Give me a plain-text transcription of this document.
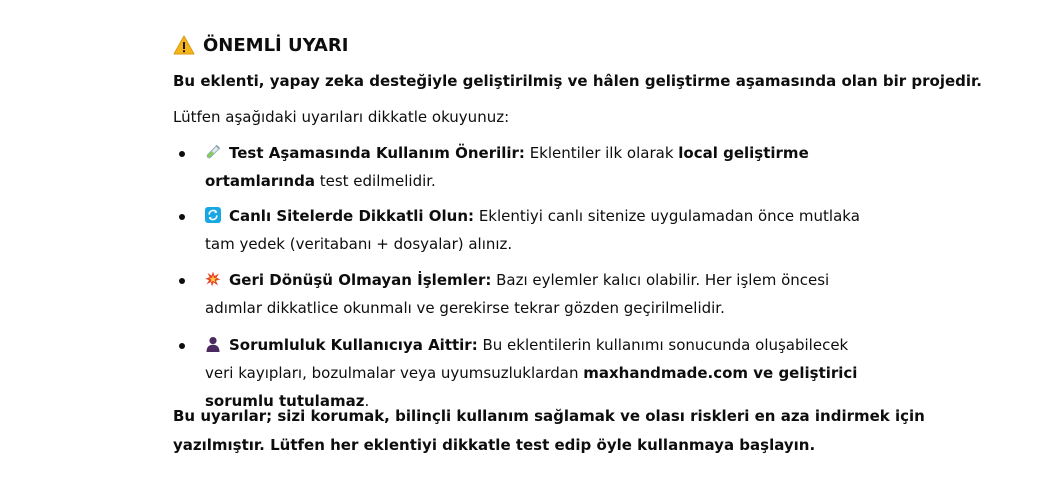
ÖNEMLİ UYARI
Bu eklenti, yapay zeka desteğiyle geliştirilmiş ve hâlen geliştirme aşamasında olan bir projedir.
Lütfen aşağıdaki uyarıları dikkatle okuyunuz:
Test Aşamasında Kullanım Önerilir: Eklentiler ilk olarak local geliştirme ortamlarında test edilmelidir.
Canlı Sitelerde Dikkatli Olun: Eklentiyi canlı sitenize uygulamadan önce mutlaka tam yedek (veritabanı + dosyalar) alınız.
Geri Dönüşü Olmayan İşlemler: Bazı eylemler kalıcı olabilir. Her işlem öncesi adımlar dikkatlice okunmalı ve gerekirse tekrar gözden geçirilmelidir.
Sorumluluk Kullanıcıya Aittir: Bu eklentilerin kullanımı sonucunda oluşabilecek veri kayıpları, bozulmalar veya uyumsuzluklardan maxhandmade.com ve geliştirici sorumlu tutulamaz.
Bu uyarılar; sizi korumak, bilinçli kullanım sağlamak ve olası riskleri en aza indirmek için yazılmıştır. Lütfen her eklentiyi dikkatle test edip öyle kullanmaya başlayın.
